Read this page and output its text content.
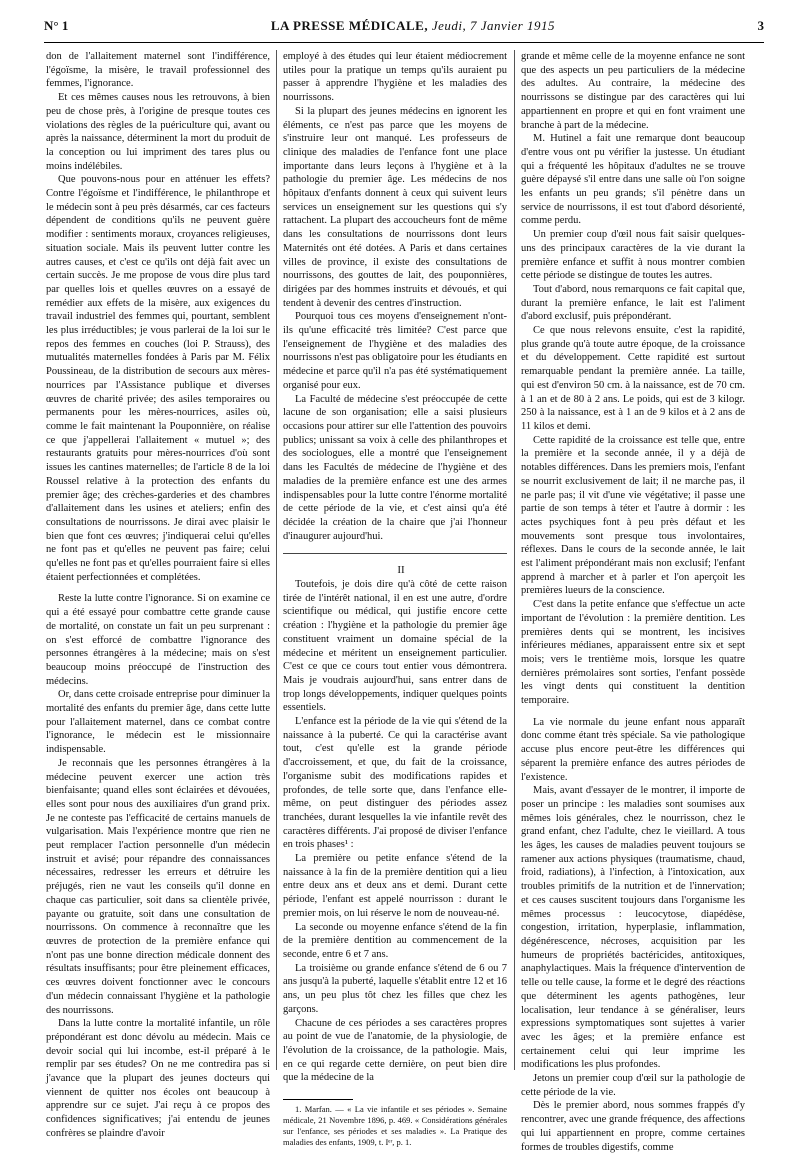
N° 1	LA PRESSE MÉDICALE, Jeudi, 7 Janvier 1915	3

don de l'allaitement maternel sont l'indifférence, l'égoïsme, la misère, le travail professionnel des femmes, l'ignorance.

Et ces mêmes causes nous les retrouvons, à bien peu de chose près, à l'origine de presque toutes ces violations des règles de la puériculture qui, avant ou après la naissance, déterminent la mort du produit de la conception ou lui impriment des tares plus ou moins indélébiles.

Que pouvons-nous pour en atténuer les effets? Contre l'égoïsme et l'indifférence, le philanthrope et le médecin sont à peu près désarmés, car ces facteurs dépendent de conditions qu'ils ne peuvent guère modifier : sentiments moraux, croyances religieuses, situation sociale. Mais ils peuvent lutter contre les autres causes, et c'est ce qu'ils ont déjà fait avec un certain succès. Je me propose de vous dire plus tard par quelles lois et quelles œuvres on a essayé de remédier aux effets de la misère, aux exigences du travail industriel des femmes qui, pourtant, semblent les plus irréductibles; je vous parlerai de la loi sur le repos des femmes en couches (loi P. Strauss), des mutualités maternelles fondées à Paris par M. Félix Poussineau, de la distribution de secours aux mères-nourrices par l'Assistance publique et diverses œuvres de charité privée; des asiles temporaires ou permanents pour les mères-nourrices, asiles où, comme le fait maintenant la Pouponnière, on réalise ce que j'appellerai l'allaitement « mutuel »; des restaurants gratuits pour mères-nourrices d'où sont issues les cantines maternelles; de l'article 8 de la loi Roussel relative à la protection des enfants du premier âge; des crèches-garderies et des chambres d'allaitement dans les usines et ateliers; enfin des consultations de nourrissons. Je dirai avec plaisir le bien que font ces œuvres; j'indiquerai celui qu'elles ne font pas et qu'elles ne peuvent pas faire; celui qu'elles ne font pas et qu'elles pourraient faire si elles étaient perfectionnées et complétées.

Reste la lutte contre l'ignorance. Si on examine ce qui a été essayé pour combattre cette grande cause de mortalité, on constate un fait un peu surprenant : on s'est efforcé de combattre l'ignorance des personnes étrangères à la médecine; mais on s'est beaucoup moins préoccupé de l'instruction des médecins.

Or, dans cette croisade entreprise pour diminuer la mortalité des enfants du premier âge, dans cette lutte pour l'allaitement maternel, dans ce combat contre l'ignorance, le médecin est le missionnaire indispensable.

Je reconnais que les personnes étrangères à la médecine peuvent exercer une action très bienfaisante; quand elles sont éclairées et dévouées, elles sont pour nous des auxiliaires d'un grand prix. Je ne conteste pas l'efficacité de certains manuels de vulgarisation. Mais l'expérience montre que rien ne peut remplacer l'action personnelle d'un médecin instruit et avisé; pour répandre des connaissances nécessaires, redresser les erreurs et détruire les préjugés, rien ne vaut les conseils qu'il donne en chaque cas particulier, soit dans sa clientèle privée, payante ou gratuite, soit dans une consultation de nourrissons. On commence à reconnaître que les œuvres de protection de la première enfance qui n'ont pas une bonne direction médicale donnent des résultats insuffisants; pour être pleinement efficaces, ces œuvres doivent fonctionner avec le concours d'un médecin connaissant l'hygiène et la pathologie des nourrissons.

Dans la lutte contre la mortalité infantile, un rôle prépondérant est donc dévolu au médecin. Mais ce devoir social qui lui incombe, est-il préparé à le remplir par ses études? On ne me contredira pas si j'avance que la plupart des jeunes docteurs qui viennent de quitter nos écoles ont beaucoup à apprendre sur ce sujet. J'ai reçu à ce propos des confidences significatives; j'ai entendu de jeunes confrères se plaindre d'avoir

employé à des études qui leur étaient médiocrement utiles pour la pratique un temps qu'ils auraient pu passer à apprendre l'hygiène et les maladies des nourrissons.

Si la plupart des jeunes médecins en ignorent les éléments, ce n'est pas parce que les moyens de s'instruire leur ont manqué. Les professeurs de clinique des maladies de l'enfance font une place importante dans leurs leçons à l'hygiène et à la pathologie du premier âge. Les médecins de nos hôpitaux d'enfants donnent à ceux qui suivent leurs services un enseignement sur les questions qui s'y rattachent. La plupart des accoucheurs font de même dans les consultations de nourrissons dont leurs Maternités ont été dotées. A Paris et dans certaines villes de province, il existe des consultations de nourrissons, des gouttes de lait, des pouponnières, dirigées par des hommes instruits et dévoués, et qui tendent à devenir des centres d'instruction.

Pourquoi tous ces moyens d'enseignement n'ont-ils qu'une efficacité très limitée? C'est parce que l'enseignement de l'hygiène et des maladies des nourrissons n'est pas obligatoire pour les étudiants en médecine et parce qu'il n'a pas été systématiquement organisé pour eux.

La Faculté de médecine s'est préoccupée de cette lacune de son organisation; elle a saisi plusieurs occasions pour attirer sur elle l'attention des pouvoirs publics; unissant sa voix à celle des philanthropes et des sociologues, elle a montré que l'enseignement dans les Facultés de médecine de l'hygiène et des maladies de la première enfance est une des armes indispensables pour la lutte contre l'énorme mortalité de cette période de la vie, et c'est ainsi qu'a été décidée la création de la chaire que j'ai l'honneur d'inaugurer aujourd'hui.

II

Toutefois, je dois dire qu'à côté de cette raison tirée de l'intérêt national, il en est une autre, d'ordre scientifique ou médical, qui justifie encore cette création : l'hygiène et la pathologie du premier âge constituent vraiment un domaine spécial de la médecine et méritent un enseignement particulier. C'est ce que ce cours tout entier vous démontrera. Mais je voudrais aujourd'hui, sans entrer dans de trop longs développements, indiquer quelques points essentiels.

L'enfance est la période de la vie qui s'étend de la naissance à la puberté. Ce qui la caractérise avant tout, c'est qu'elle est la grande période d'accroissement, et que, du fait de la croissance, l'organisme subit des modifications rapides et profondes, de telle sorte que, dans l'enfance elle-même, on peut distinguer des périodes assez tranchées, durant lesquelles la vie infantile revêt des caractères différents. J'ai proposé de diviser l'enfance en trois phases¹ :

La première ou petite enfance s'étend de la naissance à la fin de la première dentition qui a lieu entre deux ans et deux ans et demi. Durant cette période, l'enfant est appelé nourrisson : durant le premier mois, on lui réserve le nom de nouveau-né.

La seconde ou moyenne enfance s'étend de la fin de la première dentition au commencement de la seconde, entre 6 et 7 ans.

La troisième ou grande enfance s'étend de 6 ou 7 ans jusqu'à la puberté, laquelle s'établit entre 12 et 16 ans, un peu plus tôt chez les filles que chez les garçons.

Chacune de ces périodes a ses caractères propres au point de vue de l'anatomie, de la physiologie, de l'évolution de la croissance, de la pathologie. Mais, en ce qui regarde cette dernière, on peut bien dire que la médecine de la

1. Marfan. — « La vie infantile et ses périodes ». Semaine médicale, 21 Novembre 1896, p. 469. « Considérations générales sur l'enfance, ses périodes et ses maladies ». La Pratique des maladies des enfants, 1909, t. Iᵉʳ, p. 1.

grande et même celle de la moyenne enfance ne sont que des aspects un peu particuliers de la médecine des adultes. Au contraire, la médecine des nourrissons se distingue par des caractères qui lui appartiennent en propre et qui en font vraiment une branche à part de la médecine.

M. Hutinel a fait une remarque dont beaucoup d'entre vous ont pu vérifier la justesse. Un étudiant qui a fréquenté les hôpitaux d'adultes ne se trouve guère dépaysé s'il entre dans une salle où l'on soigne les enfants un peu grands; s'il pénètre dans un service de nourrissons, il est tout d'abord désorienté, comme perdu.

Un premier coup d'œil nous fait saisir quelques-uns des principaux caractères de la vie durant la première enfance et suffit à nous montrer combien cette période se distingue de toutes les autres.

Tout d'abord, nous remarquons ce fait capital que, durant la première enfance, le lait est l'aliment d'abord exclusif, puis prépondérant.

Ce que nous relevons ensuite, c'est la rapidité, plus grande qu'à toute autre époque, de la croissance et du développement. Cette rapidité est surtout remarquable pendant la première année. La taille, qui est d'environ 50 cm. à la naissance, est de 70 cm. à 1 an et de 80 à 2 ans. Le poids, qui est de 3 kilogr. 250 à la naissance, est à 1 an de 9 kilos et à 2 ans de 11 kilos et demi.

Cette rapidité de la croissance est telle que, entre la première et la seconde année, il y a déjà de notables différences. Dans les premiers mois, l'enfant se nourrit exclusivement de lait; il ne marche pas, il ne parle pas; il vit d'une vie végétative; il passe une partie de son temps à téter et l'autre à dormir : les actes psychiques font à peu près défaut et les mouvements sont presque tous involontaires, réflexes. Dans le cours de la seconde année, le lait est l'aliment prépondérant mais non exclusif; l'enfant apprend à marcher et à parler et l'on aperçoit les premières lueurs de la conscience.

C'est dans la petite enfance que s'effectue un acte important de l'évolution : la première dentition. Les premières dents qui se montrent, les incisives inférieures médianes, apparaissent entre six et sept mois; vers le trentième mois, lorsque les quatre dernières prémolaires sont sorties, l'enfant possède les vingt dents qui constituent la dentition temporaire.

La vie normale du jeune enfant nous apparaît donc comme étant très spéciale. Sa vie pathologique accuse plus encore peut-être les différences qui séparent la première enfance des autres périodes de l'existence.

Mais, avant d'essayer de le montrer, il importe de poser un principe : les maladies sont soumises aux mêmes lois générales, chez le nourrisson, chez le grand enfant, chez l'adulte, chez le vieillard. A tous les âges, les causes de maladies peuvent toujours se ramener aux actions physiques (traumatisme, chaud, froid, radiations), à l'infection, à l'intoxication, aux troubles primitifs de la nutrition et de l'innervation; et ces causes suscitent toujours dans l'organisme les mêmes processus : leucocytose, diapédèse, congestion, irritation, hyperplasie, inflammation, dégénérescence, nécroses, acquisition par les humeurs de propriétés bactéricides, antitoxiques, anaphylactiques. Mais la fréquence d'intervention de telle ou telle cause, la forme et le degré des réactions que déterminent les agents pathogènes, leur localisation, leur tendance à se généraliser, leurs expressions symptomatiques sont sujettes à varier avec les âges; et la première enfance est certainement celui qui leur imprime les modifications les plus profondes.

Jetons un premier coup d'œil sur la pathologie de cette période de la vie.

Dès le premier abord, nous sommes frappés d'y rencontrer, avec une grande fréquence, des affections qui lui appartiennent en propre, comme certaines formes de troubles digestifs, comme
